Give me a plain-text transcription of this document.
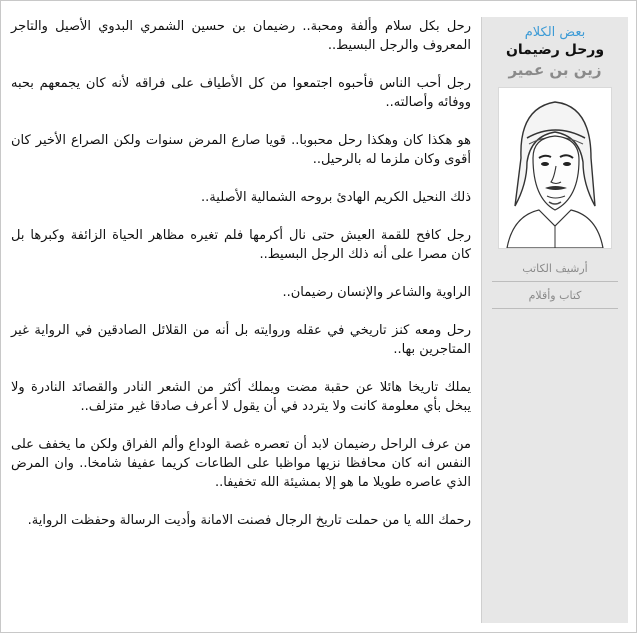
بعض الكلام
ورحل رضيمان
زين بن عمير
أرشيف الكاتب
كتاب وأقلام

رحل بكل سلام وألفة ومحبة.. رضيمان بن حسين الشمري البدوي الأصيل والتاجر المعروف والرجل البسيط..

رجل أحب الناس فأحبوه اجتمعوا من كل الأطياف على فراقه لأنه كان يجمعهم بحبه ووفائه وأصالته..

هو هكذا كان وهكذا رحل محبوبا.. قويا صارع المرض سنوات ولكن الصراع الأخير كان أقوى وكان ملزما له بالرحيل..

ذلك النحيل الكريم الهادئ بروحه الشمالية الأصلية..

رجل كافح للقمة العيش حتى نال أكرمها فلم تغيره مظاهر الحياة الزائفة وكبرها بل كان مصرا على أنه ذلك الرجل البسيط..

الراوية والشاعر والإنسان رضيمان..

رحل ومعه كنز تاريخي في عقله وروايته بل أنه من القلائل الصادقين في الرواية غير المتاجرين بها..

يملك تاريخا هائلا عن حقبة مضت ويملك أكثر من الشعر النادر والقصائد النادرة ولا يبخل بأي معلومة كانت ولا يتردد في أن يقول لا أعرف صادقا غير متزلف..

من عرف الراحل رضيمان لابد أن تعصره غصة الوداع وألم الفراق ولكن ما يخفف على النفس انه كان محافظا نزيها مواظبا على الطاعات كريما عفيفا شامخا.. وان المرض الذي عاصره طويلا ما هو إلا بمشيئة الله تخفيفا..

رحمك الله يا من حملت تاريخ الرجال فصنت الامانة وأديت الرسالة وحفظت الرواية.
